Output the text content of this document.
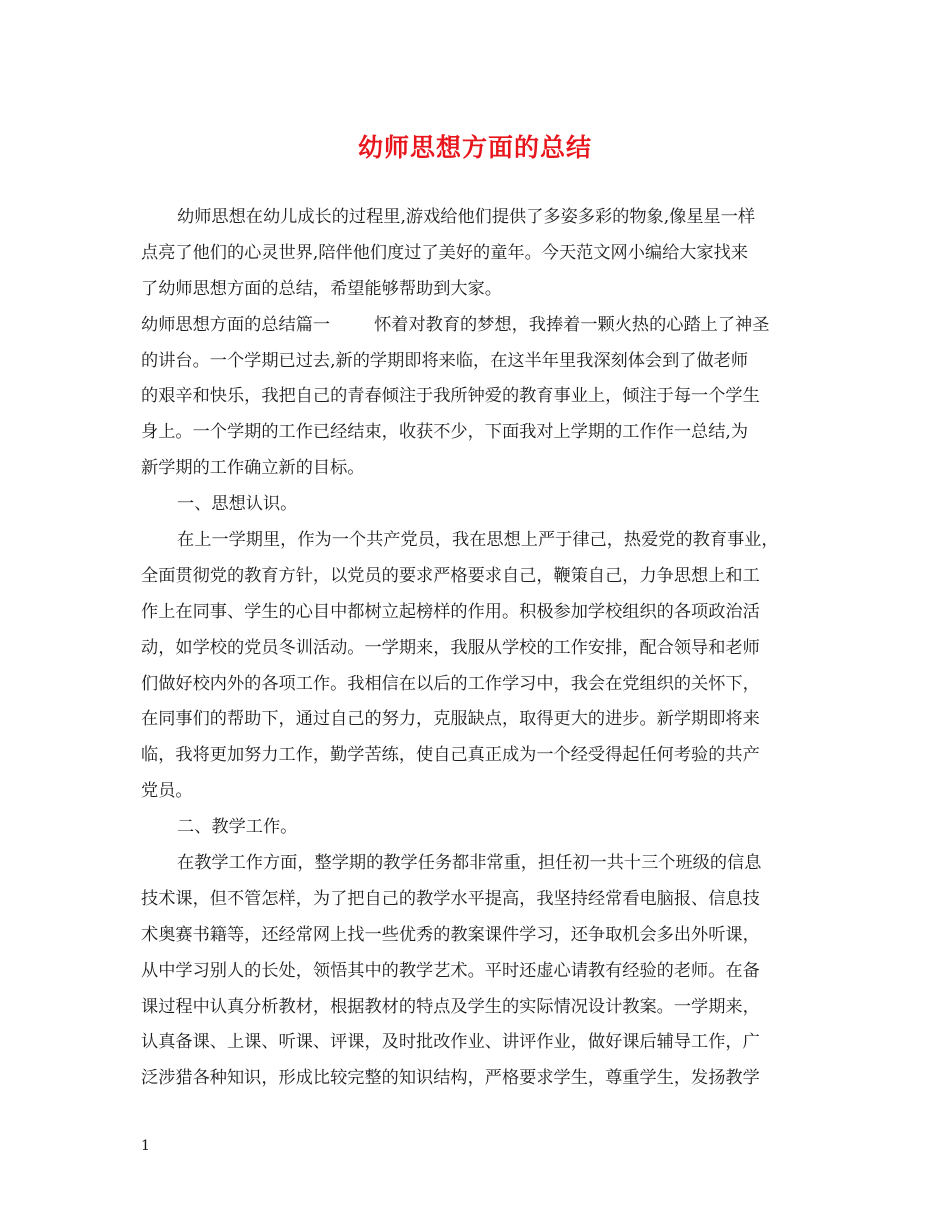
幼师思想方面的总结
幼师思想在幼儿成长的过程里,游戏给他们提供了多姿多彩的物象,像星星一样
点亮了他们的心灵世界,陪伴他们度过了美好的童年。今天范文网小编给大家找来
了幼师思想方面的总结，希望能够帮助到大家。
幼师思想方面的总结篇一	怀着对教育的梦想，我捧着一颗火热的心踏上了神圣
的讲台。一个学期已过去,新的学期即将来临，在这半年里我深刻体会到了做老师
的艰辛和快乐，我把自己的青春倾注于我所钟爱的教育事业上，倾注于每一个学生
身上。一个学期的工作已经结束，收获不少，下面我对上学期的工作作一总结,为
新学期的工作确立新的目标。
一、思想认识。
在上一学期里，作为一个共产党员，我在思想上严于律己，热爱党的教育事业，
全面贯彻党的教育方针，以党员的要求严格要求自己，鞭策自己，力争思想上和工
作上在同事、学生的心目中都树立起榜样的作用。积极参加学校组织的各项政治活
动，如学校的党员冬训活动。一学期来，我服从学校的工作安排，配合领导和老师
们做好校内外的各项工作。我相信在以后的工作学习中，我会在党组织的关怀下，
在同事们的帮助下，通过自己的努力，克服缺点，取得更大的进步。新学期即将来
临，我将更加努力工作，勤学苦练，使自己真正成为一个经受得起任何考验的共产
党员。
二、教学工作。
在教学工作方面，整学期的教学任务都非常重，担任初一共十三个班级的信息
技术课，但不管怎样，为了把自己的教学水平提高，我坚持经常看电脑报、信息技
术奥赛书籍等，还经常网上找一些优秀的教案课件学习，还争取机会多出外听课，
从中学习别人的长处，领悟其中的教学艺术。平时还虚心请教有经验的老师。在备
课过程中认真分析教材，根据教材的特点及学生的实际情况设计教案。一学期来，
认真备课、上课、听课、评课，及时批改作业、讲评作业，做好课后辅导工作，广
泛涉猎各种知识，形成比较完整的知识结构，严格要求学生，尊重学生，发扬教学
1
